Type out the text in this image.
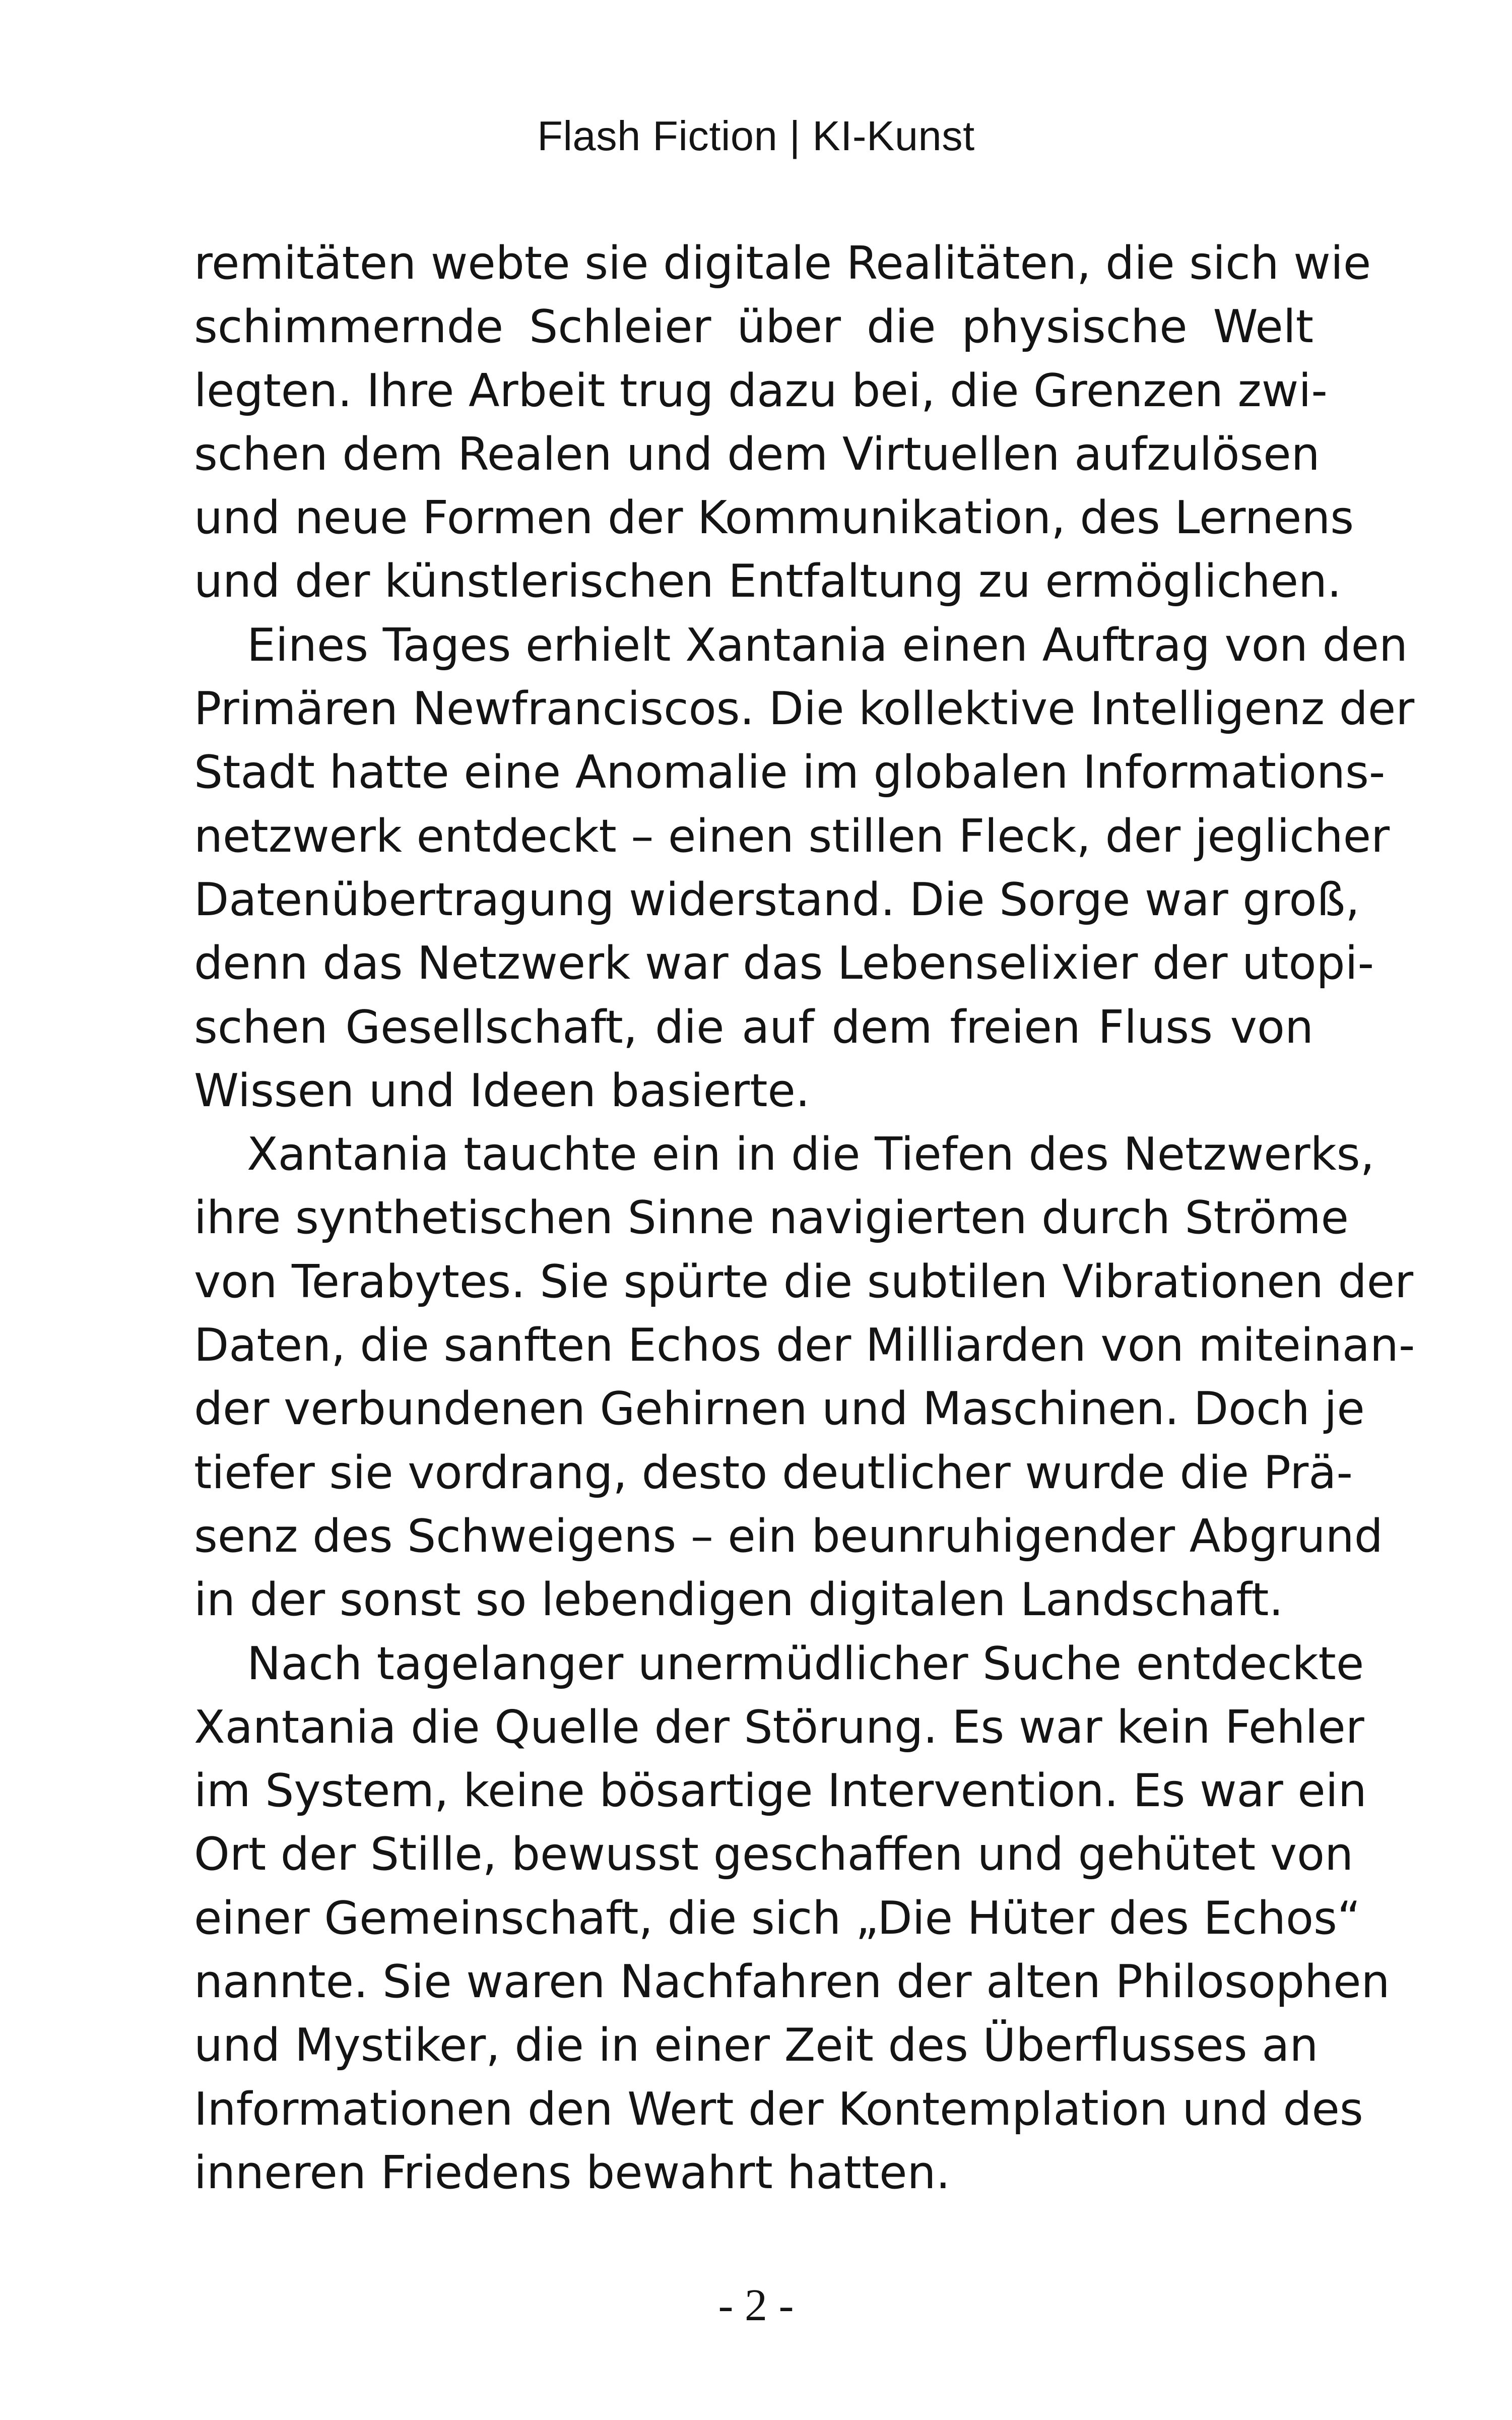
Flash Fiction | KI-Kunst
remitäten webte sie digitale Realitäten, die sich wie
schimmernde Schleier über die physische Welt
legten. Ihre Arbeit trug dazu bei, die Grenzen zwi-
schen dem Realen und dem Virtuellen aufzulösen
und neue Formen der Kommunikation, des Lernens
und der künstlerischen Entfaltung zu ermöglichen.
Eines Tages erhielt Xantania einen Auftrag von den
Primären Newfranciscos. Die kollektive Intelligenz der
Stadt hatte eine Anomalie im globalen Informations-
netzwerk entdeckt – einen stillen Fleck, der jeglicher
Datenübertragung widerstand. Die Sorge war groß,
denn das Netzwerk war das Lebenselixier der utopi-
schen Gesellschaft, die auf dem freien Fluss von
Wissen und Ideen basierte.
Xantania tauchte ein in die Tiefen des Netzwerks,
ihre synthetischen Sinne navigierten durch Ströme
von Terabytes. Sie spürte die subtilen Vibrationen der
Daten, die sanften Echos der Milliarden von miteinan-
der verbundenen Gehirnen und Maschinen. Doch je
tiefer sie vordrang, desto deutlicher wurde die Prä-
senz des Schweigens – ein beunruhigender Abgrund
in der sonst so lebendigen digitalen Landschaft.
Nach tagelanger unermüdlicher Suche entdeckte
Xantania die Quelle der Störung. Es war kein Fehler
im System, keine bösartige Intervention. Es war ein
Ort der Stille, bewusst geschaffen und gehütet von
einer Gemeinschaft, die sich „Die Hüter des Echos“
nannte. Sie waren Nachfahren der alten Philosophen
und Mystiker, die in einer Zeit des Überflusses an
Informationen den Wert der Kontemplation und des
inneren Friedens bewahrt hatten.
- 2 -
